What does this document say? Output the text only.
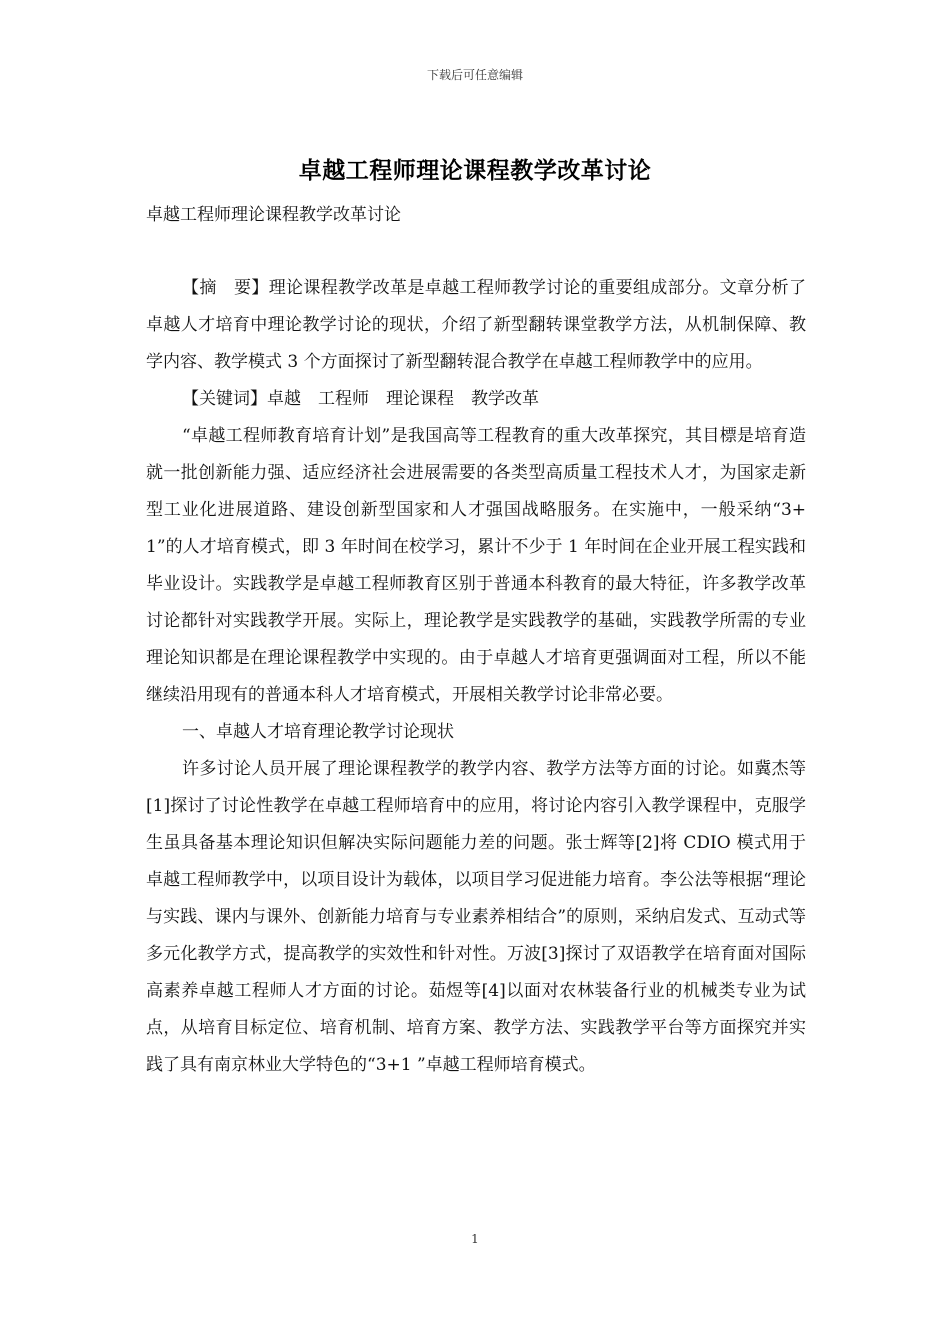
下载后可任意编辑
卓越工程师理论课程教学改革讨论
卓越工程师理论课程教学改革讨论

【摘　要】理论课程教学改革是卓越工程师教学讨论的重要组成部分。文章分析了卓越人才培育中理论教学讨论的现状，介绍了新型翻转课堂教学方法，从机制保障、教学内容、教学模式 3 个方面探讨了新型翻转混合教学在卓越工程师教学中的应用。

【关键词】卓越　工程师　理论课程　教学改革

“卓越工程师教育培育计划”是我国高等工程教育的重大改革探究，其目標是培育造就一批创新能力强、适应经济社会进展需要的各类型高质量工程技术人才，为国家走新型工业化进展道路、建设创新型国家和人才强国战略服务。在实施中，一般采纳“3+1”的人才培育模式，即 3 年时间在校学习，累计不少于 1 年时间在企业开展工程实践和毕业设计。实践教学是卓越工程师教育区别于普通本科教育的最大特征，许多教学改革讨论都针对实践教学开展。实际上，理论教学是实践教学的基础，实践教学所需的专业理论知识都是在理论课程教学中实现的。由于卓越人才培育更强调面对工程，所以不能继续沿用现有的普通本科人才培育模式，开展相关教学讨论非常必要。

一、卓越人才培育理论教学讨论现状

许多讨论人员开展了理论课程教学的教学内容、教学方法等方面的讨论。如冀杰等[1]探讨了讨论性教学在卓越工程师培育中的应用，将讨论内容引入教学课程中，克服学生虽具备基本理论知识但解决实际问题能力差的问题。张士辉等[2]将 CDIO 模式用于卓越工程师教学中，以项目设计为载体，以项目学习促进能力培育。李公法等根据“理论与实践、课内与课外、创新能力培育与专业素养相结合”的原则，采纳启发式、互动式等多元化教学方式，提高教学的实效性和针对性。万波[3]探讨了双语教学在培育面对国际高素养卓越工程师人才方面的讨论。茹煜等[4]以面对农林装备行业的机械类专业为试点，从培育目标定位、培育机制、培育方案、教学方法、实践教学平台等方面探究并实践了具有南京林业大学特色的“3+1 ”卓越工程师培育模式。

1
